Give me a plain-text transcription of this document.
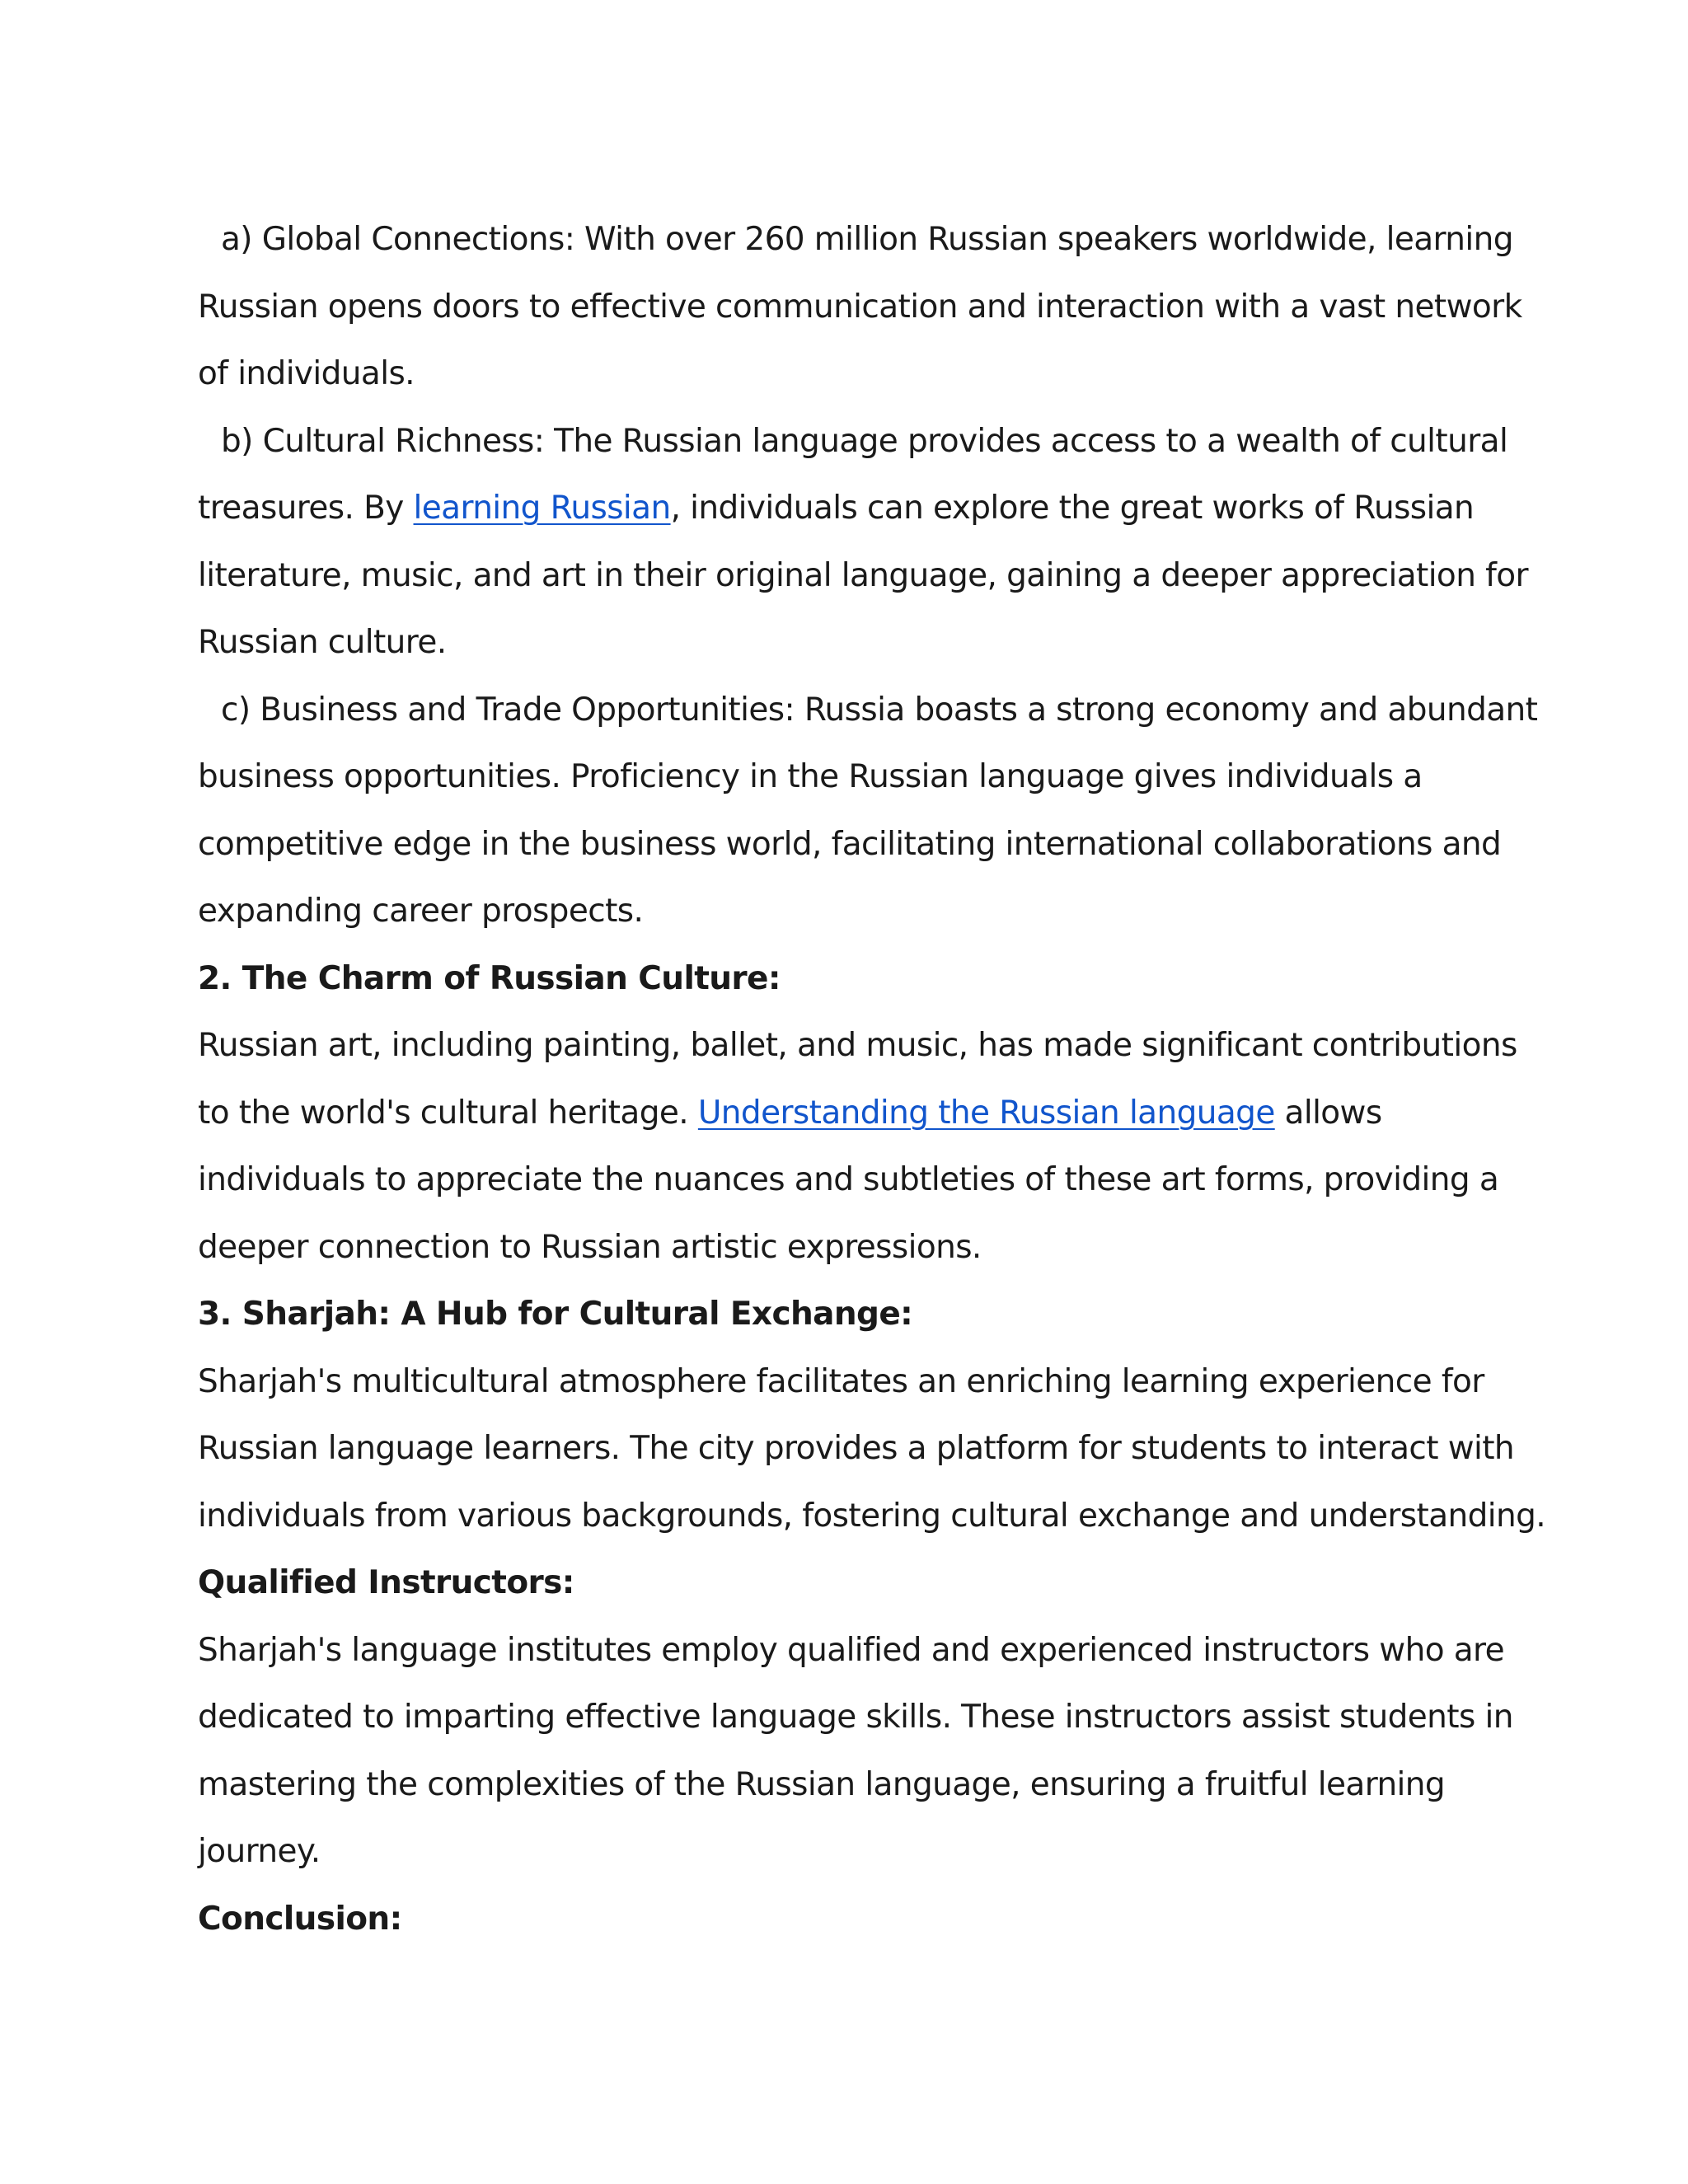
a) Global Connections: With over 260 million Russian speakers worldwide, learning
Russian opens doors to effective communication and interaction with a vast network
of individuals.
b) Cultural Richness: The Russian language provides access to a wealth of cultural
treasures. By learning Russian, individuals can explore the great works of Russian
literature, music, and art in their original language, gaining a deeper appreciation for
Russian culture.
c) Business and Trade Opportunities: Russia boasts a strong economy and abundant
business opportunities. Proficiency in the Russian language gives individuals a
competitive edge in the business world, facilitating international collaborations and
expanding career prospects.
2. The Charm of Russian Culture:
Russian art, including painting, ballet, and music, has made significant contributions
to the world's cultural heritage. Understanding the Russian language allows
individuals to appreciate the nuances and subtleties of these art forms, providing a
deeper connection to Russian artistic expressions.
3. Sharjah: A Hub for Cultural Exchange:
Sharjah's multicultural atmosphere facilitates an enriching learning experience for
Russian language learners. The city provides a platform for students to interact with
individuals from various backgrounds, fostering cultural exchange and understanding.
Qualified Instructors:
Sharjah's language institutes employ qualified and experienced instructors who are
dedicated to imparting effective language skills. These instructors assist students in
mastering the complexities of the Russian language, ensuring a fruitful learning
journey.
Conclusion:
